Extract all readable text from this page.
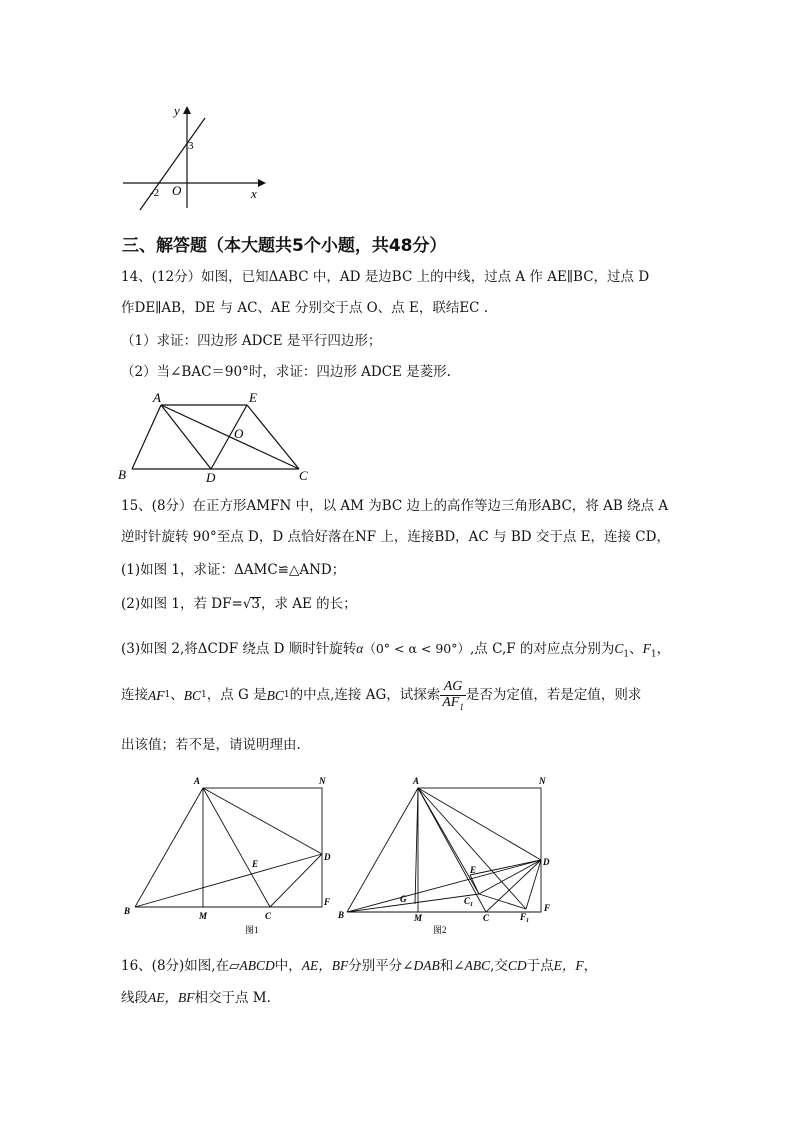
y
x
3
-2 O
三、解答题（本大题共5个小题，共48分）
14、(12分）如图，已知ΔABC 中，AD 是边BC 上的中线，过点 A 作 AE∥BC，过点 D
作DE∥AB，DE 与 AC、AE 分别交于点 O、点 E，联结EC .
（1）求证：四边形 ADCE 是平行四边形；
（2）当∠BAC＝90°时，求证：四边形 ADCE 是菱形.
A	E
O
B	D	C
15、(8分）在正方形AMFN 中，以 AM 为BC 边上的高作等边三角形ABC，将 AB 绕点 A
逆时针旋转 90°至点 D，D 点恰好落在NF 上，连接BD，AC 与 BD 交于点 E，连接 CD，
(1)如图 1，求证：ΔAMC≌△AND；
(2)如图 1，若 DF=√3，求 AE 的长；
(3)如图 2,将ΔCDF 绕点 D 顺时针旋转α（0° < α < 90°）,点 C,F 的对应点分别为$C_1$、$F_1$，
连接 AF 1 、 BC 1 ，点 G 是 BC 1 的中点,连接 AG，试探索 $\frac{AG}{AF_1}$ 是否为定值，若是定值，则求
出该值；若不是，请说明理由.
A	N
E
D
F
B	M	C
图1
A	N
E
D
G	$C_1$
$F_1$
F
B	M	C
图2
16、(8分)如图,在▱ABCD中，AE，BF分别平分∠DAB和∠ABC,交CD于点E，F，
线段AE，BF相交于点 M.
